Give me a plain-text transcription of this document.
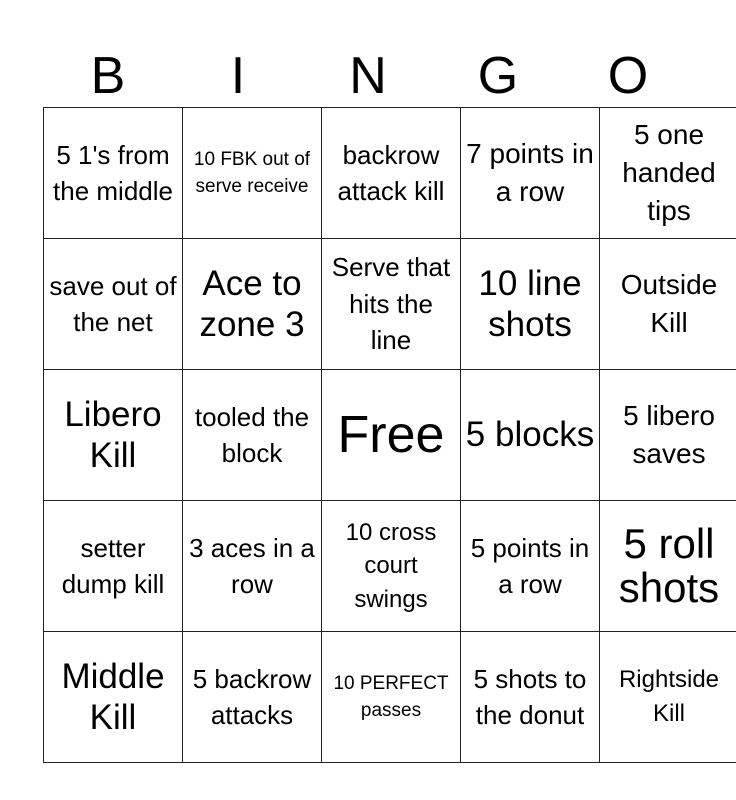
B	I	N	G	O
5 1's from the middle	10 FBK out of serve receive	backrow attack kill	7 points in a row	5 one handed tips
save out of the net	Ace to zone 3	Serve that hits the line	10 line shots	Outside Kill
Libero Kill	tooled the block	Free	5 blocks	5 libero saves
setter dump kill	3 aces in a row	10 cross court swings	5 points in a row	5 roll shots
Middle Kill	5 backrow attacks	10 PERFECT passes	5 shots to the donut	Rightside Kill
